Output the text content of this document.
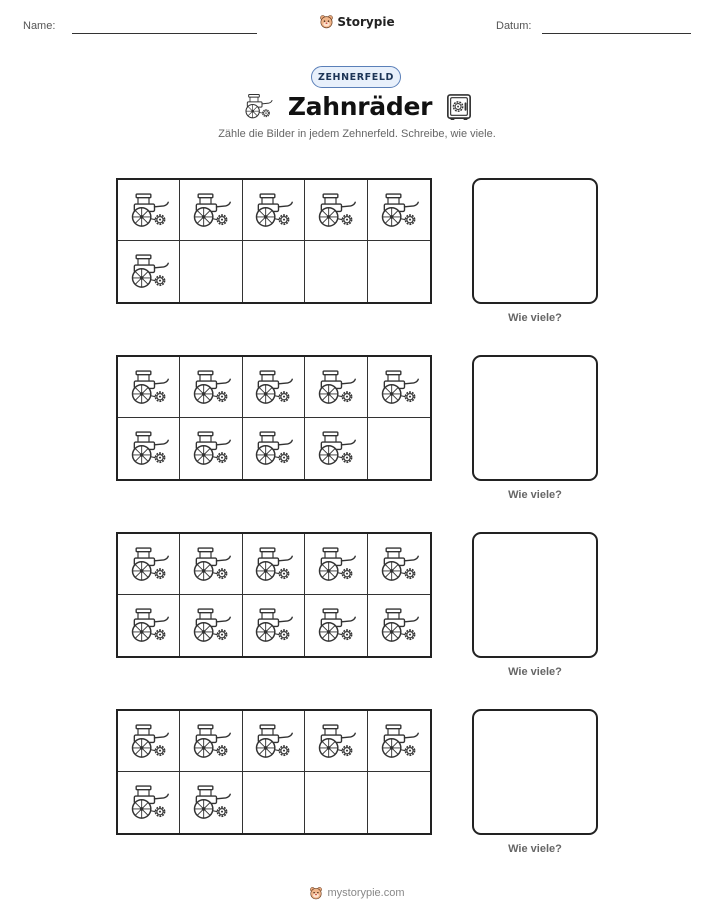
Name:	Storypie	Datum:
ZEHNERFELD
Zahnräder
Zähle die Bilder in jedem Zehnerfeld. Schreibe, wie viele.
Wie viele?
Wie viele?
Wie viele?
Wie viele?
mystorypie.com
